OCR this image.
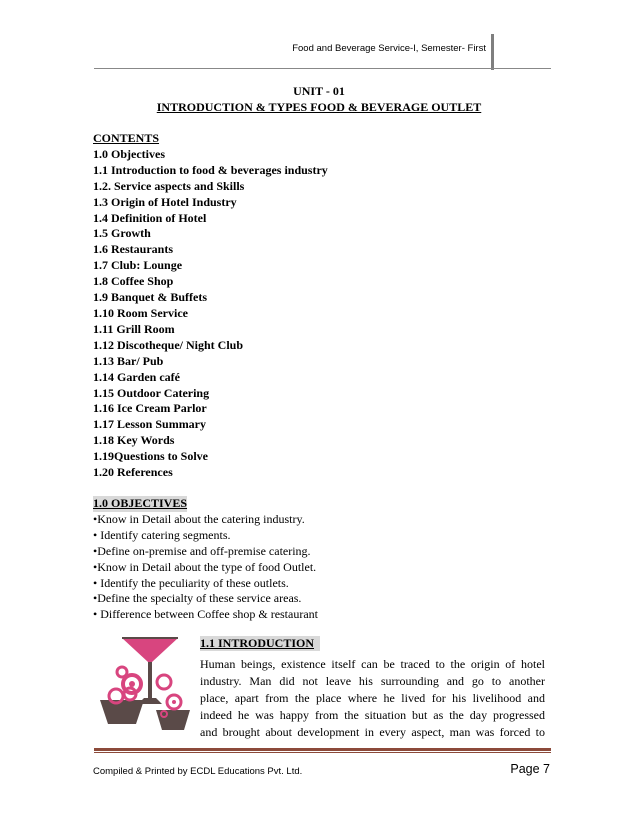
Food and Beverage Service-I, Semester- First
UNIT - 01
INTRODUCTION & TYPES FOOD & BEVERAGE OUTLET
CONTENTS
1.0 Objectives
1.1 Introduction to food & beverages industry
1.2. Service aspects and Skills
1.3 Origin of Hotel Industry
1.4 Definition of Hotel
1.5 Growth
1.6 Restaurants
1.7 Club: Lounge
1.8 Coffee Shop
1.9 Banquet & Buffets
1.10 Room Service
1.11 Grill Room
1.12 Discotheque/ Night Club
1.13 Bar/ Pub
1.14 Garden café
1.15 Outdoor Catering
1.16 Ice Cream Parlor
1.17 Lesson Summary
1.18 Key Words
1.19Questions to Solve
1.20 References
1.0 OBJECTIVES
•Know in Detail about the catering industry.
• Identify catering segments.
•Define on-premise and off-premise catering.
•Know in Detail about the type of food Outlet.
• Identify the peculiarity of these outlets.
•Define the specialty of these service areas.
• Difference between Coffee shop & restaurant
1.1 INTRODUCTION
Human beings, existence itself can be traced to the origin of hotel
industry. Man did not leave his surrounding and go to another
place, apart from the place where he lived for his livelihood and
indeed he was happy from the situation but as the day progressed
and brought about development in every aspect, man was forced to
Compiled & Printed by ECDL Educations Pvt. Ltd.	Page 7
